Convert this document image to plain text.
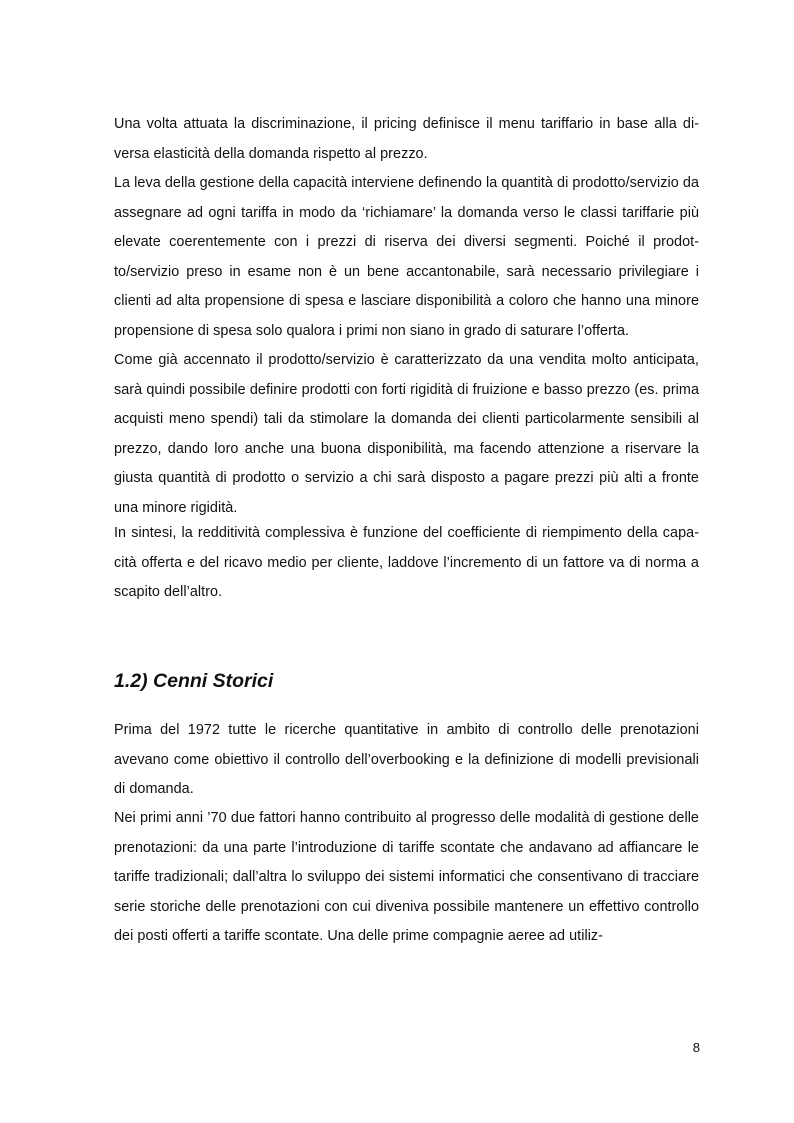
Una volta attuata la discriminazione, il pricing definisce il menu tariffario in base alla diversa elasticità della domanda rispetto al prezzo.

La leva della gestione della capacità interviene definendo la quantità di prodotto/servizio da assegnare ad ogni tariffa in modo da ‘richiamare’ la domanda verso le classi tariffarie più elevate coerentemente con i prezzi di riserva dei diversi segmenti. Poiché il prodotto/servizio preso in esame non è un bene accantonabile, sarà necessario privilegiare i clienti ad alta propensione di spesa e lasciare disponibilità a coloro che hanno una minore propensione di spesa solo qualora i primi non siano in grado di saturare l’offerta.

Come già accennato il prodotto/servizio è caratterizzato da una vendita molto anticipata, sarà quindi possibile definire prodotti con forti rigidità di fruizione e basso prezzo (es. prima acquisti meno spendi) tali da stimolare la domanda dei clienti particolarmente sensibili al prezzo, dando loro anche una buona disponibilità, ma facendo attenzione a riservare la giusta quantità di prodotto o servizio a chi sarà disposto a pagare prezzi più alti a fronte una minore rigidità.

In sintesi, la redditività complessiva è funzione del coefficiente di riempimento della capacità offerta e del ricavo medio per cliente, laddove l’incremento di un fattore va di norma a scapito dell’altro.

1.2) Cenni Storici

Prima del 1972 tutte le ricerche quantitative in ambito di controllo delle prenotazioni avevano come obiettivo il controllo dell’overbooking e la definizione di modelli previsionali di domanda.

Nei primi anni ’70 due fattori hanno contribuito al progresso delle modalità di gestione delle prenotazioni: da una parte l’introduzione di tariffe scontate che andavano ad affiancare le tariffe tradizionali; dall’altra lo sviluppo dei sistemi informatici che consentivano di tracciare serie storiche delle prenotazioni con cui diveniva possibile mantenere un effettivo controllo dei posti offerti a tariffe scontate. Una delle prime compagnie aeree ad utiliz-

8
